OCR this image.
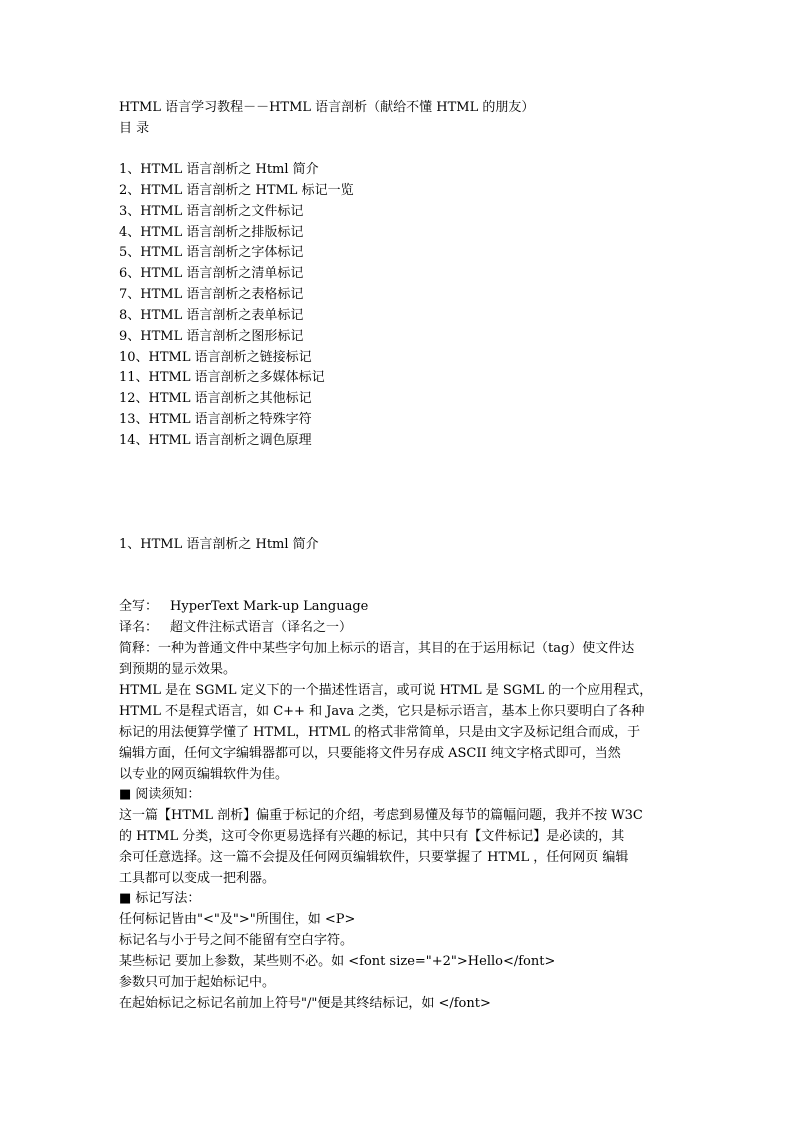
HTML 语言学习教程－－HTML 语言剖析（献给不懂 HTML 的朋友）
目 录
1、HTML 语言剖析之 Html 简介
2、HTML 语言剖析之 HTML 标记一览
3、HTML 语言剖析之文件标记
4、HTML 语言剖析之排版标记
5、HTML 语言剖析之字体标记
6、HTML 语言剖析之清单标记
7、HTML 语言剖析之表格标记
8、HTML 语言剖析之表单标记
9、HTML 语言剖析之图形标记
10、HTML 语言剖析之链接标记
11、HTML 语言剖析之多媒体标记
12、HTML 语言剖析之其他标记
13、HTML 语言剖析之特殊字符
14、HTML 语言剖析之调色原理
1、HTML 语言剖析之 Html 简介
全写： HyperText Mark-up Language
译名： 超文件注标式语言（译名之一）
简释：一种为普通文件中某些字句加上标示的语言，其目的在于运用标记（tag）使文件达
到预期的显示效果。
HTML 是在 SGML 定义下的一个描述性语言，或可说 HTML 是 SGML 的一个应用程式，
HTML 不是程式语言，如 C++ 和 Java 之类，它只是标示语言，基本上你只要明白了各种
标记的用法便算学懂了 HTML，HTML 的格式非常简单，只是由文字及标记组合而成，于
编辑方面，任何文字编辑器都可以，只要能将文件另存成 ASCII 纯文字格式即可，当然
以专业的网页编辑软件为佳。
■ 阅读须知：
这一篇【HTML 剖析】偏重于标记的介绍，考虑到易懂及每节的篇幅问题，我并不按 W3C
的 HTML 分类，这可令你更易选择有兴趣的标记，其中只有【文件标记】是必读的，其
余可任意选择。这一篇不会提及任何网页编辑软件，只要掌握了 HTML ，任何网页 编辑
工具都可以变成一把利器。
■ 标记写法：
任何标记皆由"<"及">"所围住，如 <P>
标记名与小于号之间不能留有空白字符。
某些标记 要加上参数，某些则不必。如 <font size="+2">Hello</font>
参数只可加于起始标记中。
在起始标记之标记名前加上符号"/"便是其终结标记，如 </font>
